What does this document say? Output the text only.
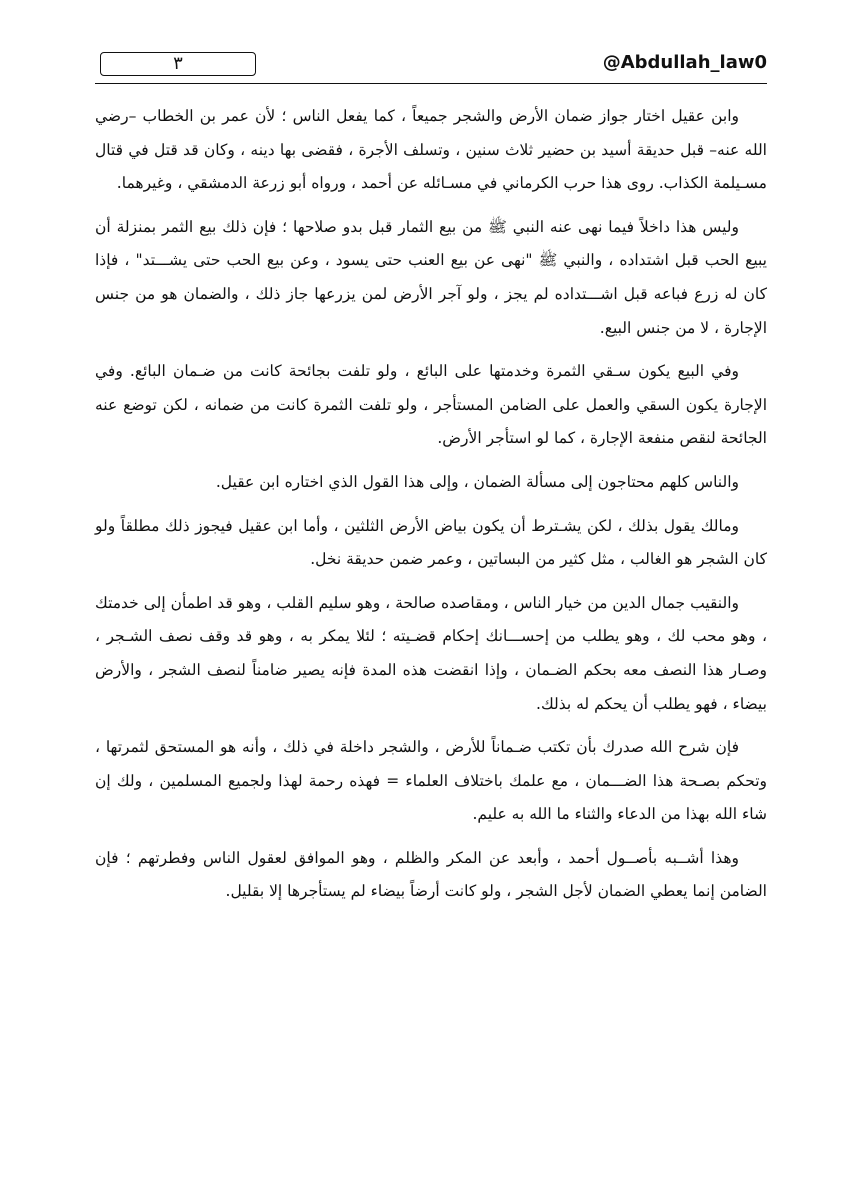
٣	@Abdullah_law0

وابن عقيل اختار جواز ضمان الأرض والشجر جميعاً ، كما يفعل الناس ؛ لأن عمر بن الخطاب –رضي الله عنه– قبل حديقة أسيد بن حضير ثلاث سنين ، وتسلف الأجرة ، فقضى بها دينه ، وكان قد قتل في قتال مسـيلمة الكذاب. روى هذا حرب الكرماني في مسـائله عن أحمد ، ورواه أبو زرعة الدمشقي ، وغيرهما.

وليس هذا داخلاً فيما نهى عنه النبي ﷺ من بيع الثمار قبل بدو صلاحها ؛ فإن ذلك بيع الثمر بمنزلة أن يبيع الحب قبل اشتداده ، والنبي ﷺ "نهى عن بيع العنب حتى يسود ، وعن بيع الحب حتى يشـــتد" ، فإذا كان له زرع فباعه قبل اشـــتداده لم يجز ، ولو آجر الأرض لمن يزرعها جاز ذلك ، والضمان هو من جنس الإجارة ، لا من جنس البيع.

وفي البيع يكون سـقي الثمرة وخدمتها على البائع ، ولو تلفت بجائحة كانت من ضـمان البائع. وفي الإجارة يكون السقي والعمل على الضامن المستأجر ، ولو تلفت الثمرة كانت من ضمانه ، لكن توضع عنه الجائحة لنقص منفعة الإجارة ، كما لو استأجر الأرض.

والناس كلهم محتاجون إلى مسألة الضمان ، وإلى هذا القول الذي اختاره ابن عقيل.

ومالك يقول بذلك ، لكن يشـترط أن يكون بياض الأرض الثلثين ، وأما ابن عقيل فيجوز ذلك مطلقاً ولو كان الشجر هو الغالب ، مثل كثير من البساتين ، وعمر ضمن حديقة نخل.

والنقيب جمال الدين من خيار الناس ، ومقاصده صالحة ، وهو سليم القلب ، وهو قد اطمأن إلى خدمتك ، وهو محب لك ، وهو يطلب من إحســـانك إحكام قضـيته ؛ لئلا يمكر به ، وهو قد وقف نصف الشـجر ، وصـار هذا النصف معه بحكم الضـمان ، وإذا انقضت هذه المدة فإنه يصير ضامناً لنصف الشجر ، والأرض بيضاء ، فهو يطلب أن يحكم له بذلك.

فإن شرح الله صدرك بأن تكتب ضـماناً للأرض ، والشجر داخلة في ذلك ، وأنه هو المستحق لثمرتها ، وتحكم بصـحة هذا الضـــمان ، مع علمك باختلاف العلماء = فهذه رحمة لهذا ولجميع المسلمين ، ولك إن شاء الله بهذا من الدعاء والثناء ما الله به عليم.

وهذا أشــبه بأصــول أحمد ، وأبعد عن المكر والظلم ، وهو الموافق لعقول الناس وفطرتهم ؛ فإن الضامن إنما يعطي الضمان لأجل الشجر ، ولو كانت أرضاً بيضاء لم يستأجرها إلا بقليل.
